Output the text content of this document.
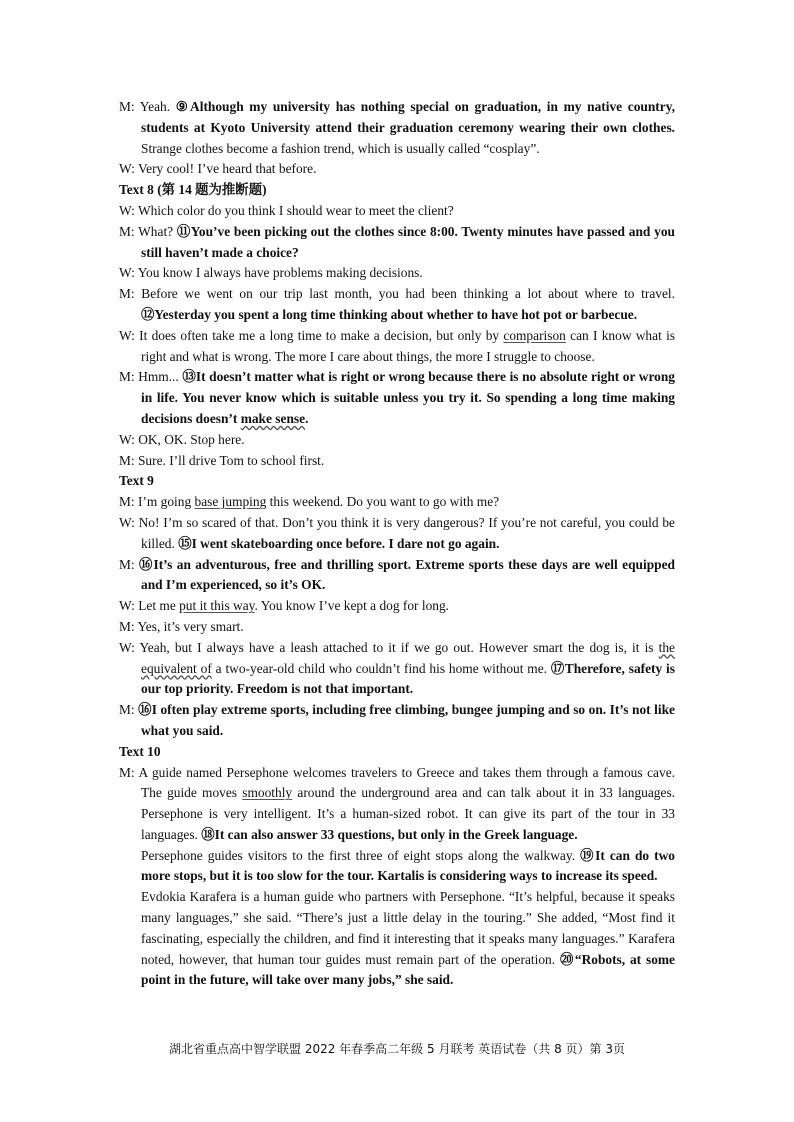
M: Yeah. ⑨Although my university has nothing special on graduation, in my native country, students at Kyoto University attend their graduation ceremony wearing their own clothes. Strange clothes become a fashion trend, which is usually called “cosplay”.

W: Very cool! I’ve heard that before.

Text 8 (第 14 题为推断题)

W: Which color do you think I should wear to meet the client?

M: What? ⑪You’ve been picking out the clothes since 8:00. Twenty minutes have passed and you still haven’t made a choice?

W: You know I always have problems making decisions.

M: Before we went on our trip last month, you had been thinking a lot about where to travel. ⑫Yesterday you spent a long time thinking about whether to have hot pot or barbecue.

W: It does often take me a long time to make a decision, but only by comparison can I know what is right and what is wrong. The more I care about things, the more I struggle to choose.

M: Hmm... ⑬It doesn’t matter what is right or wrong because there is no absolute right or wrong in life. You never know which is suitable unless you try it. So spending a long time making decisions doesn’t make sense.

W: OK, OK. Stop here.

M: Sure. I’ll drive Tom to school first.

Text 9

M: I’m going base jumping this weekend. Do you want to go with me?

W: No! I’m so scared of that. Don’t you think it is very dangerous? If you’re not careful, you could be killed. ⑮I went skateboarding once before. I dare not go again.

M: ⑯It’s an adventurous, free and thrilling sport. Extreme sports these days are well equipped and I’m experienced, so it’s OK.

W: Let me put it this way. You know I’ve kept a dog for long.

M: Yes, it’s very smart.

W: Yeah, but I always have a leash attached to it if we go out. However smart the dog is, it is the equivalent of a two-year-old child who couldn’t find his home without me. ⑰Therefore, safety is our top priority. Freedom is not that important.

M: ⑯I often play extreme sports, including free climbing, bungee jumping and so on. It’s not like what you said.

Text 10

M: A guide named Persephone welcomes travelers to Greece and takes them through a famous cave. The guide moves smoothly around the underground area and can talk about it in 33 languages. Persephone is very intelligent. It’s a human-sized robot. It can give its part of the tour in 33 languages. ⑱It can also answer 33 questions, but only in the Greek language.

Persephone guides visitors to the first three of eight stops along the walkway. ⑲It can do two more stops, but it is too slow for the tour. Kartalis is considering ways to increase its speed.

Evdokia Karafera is a human guide who partners with Persephone. “It’s helpful, because it speaks many languages,” she said. “There’s just a little delay in the touring.” She added, “Most find it fascinating, especially the children, and find it interesting that it speaks many languages.” Karafera noted, however, that human tour guides must remain part of the operation. ⑳“Robots, at some point in the future, will take over many jobs,” she said.

湖北省重点高中智学联盟 2022 年春季高二年级 5 月联考 英语试卷（共 8 页）第 3页
